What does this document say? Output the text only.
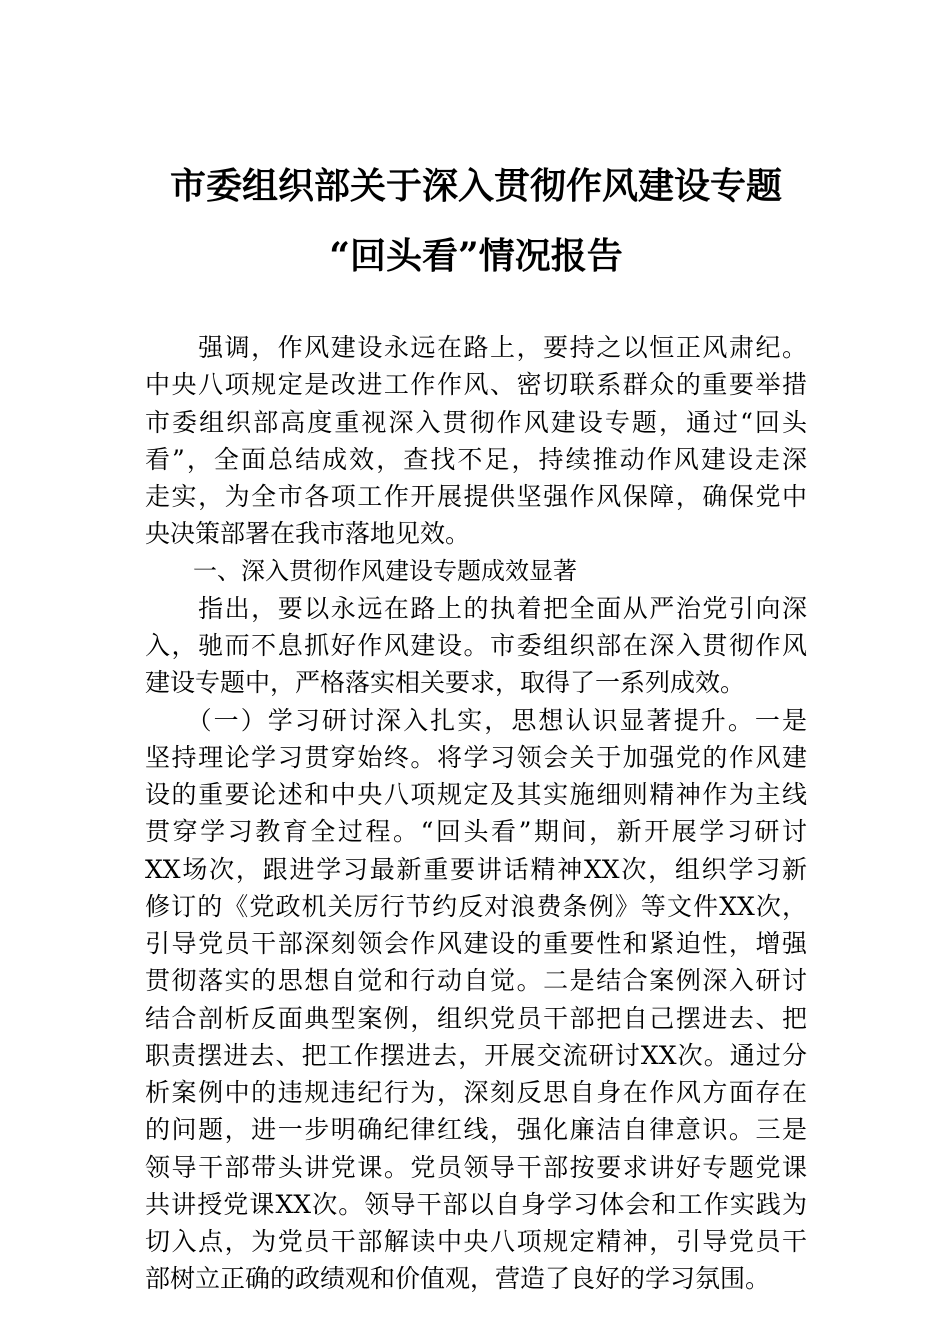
市委组织部关于深入贯彻作风建设专题
“回头看”情况报告
　　强调，作风建设永远在路上，要持之以恒正风肃纪。
中央八项规定是改进工作作风、密切联系群众的重要举措
市委组织部高度重视深入贯彻作风建设专题，通过“回头
看”，全面总结成效，查找不足，持续推动作风建设走深
走实，为全市各项工作开展提供坚强作风保障，确保党中
央决策部署在我市落地见效。
　　一、深入贯彻作风建设专题成效显著
　　指出，要以永远在路上的执着把全面从严治党引向深
入，驰而不息抓好作风建设。市委组织部在深入贯彻作风
建设专题中，严格落实相关要求，取得了一系列成效。
　　（一）学习研讨深入扎实，思想认识显著提升。一是
坚持理论学习贯穿始终。将学习领会关于加强党的作风建
设的重要论述和中央八项规定及其实施细则精神作为主线
贯穿学习教育全过程。“回头看”期间，新开展学习研讨
XX场次，跟进学习最新重要讲话精神XX次，组织学习新
修订的《党政机关厉行节约反对浪费条例》等文件XX次，
引导党员干部深刻领会作风建设的重要性和紧迫性，增强
贯彻落实的思想自觉和行动自觉。二是结合案例深入研讨
结合剖析反面典型案例，组织党员干部把自己摆进去、把
职责摆进去、把工作摆进去，开展交流研讨XX次。通过分
析案例中的违规违纪行为，深刻反思自身在作风方面存在
的问题，进一步明确纪律红线，强化廉洁自律意识。三是
领导干部带头讲党课。党员领导干部按要求讲好专题党课
共讲授党课XX次。领导干部以自身学习体会和工作实践为
切入点，为党员干部解读中央八项规定精神，引导党员干
部树立正确的政绩观和价值观，营造了良好的学习氛围。
